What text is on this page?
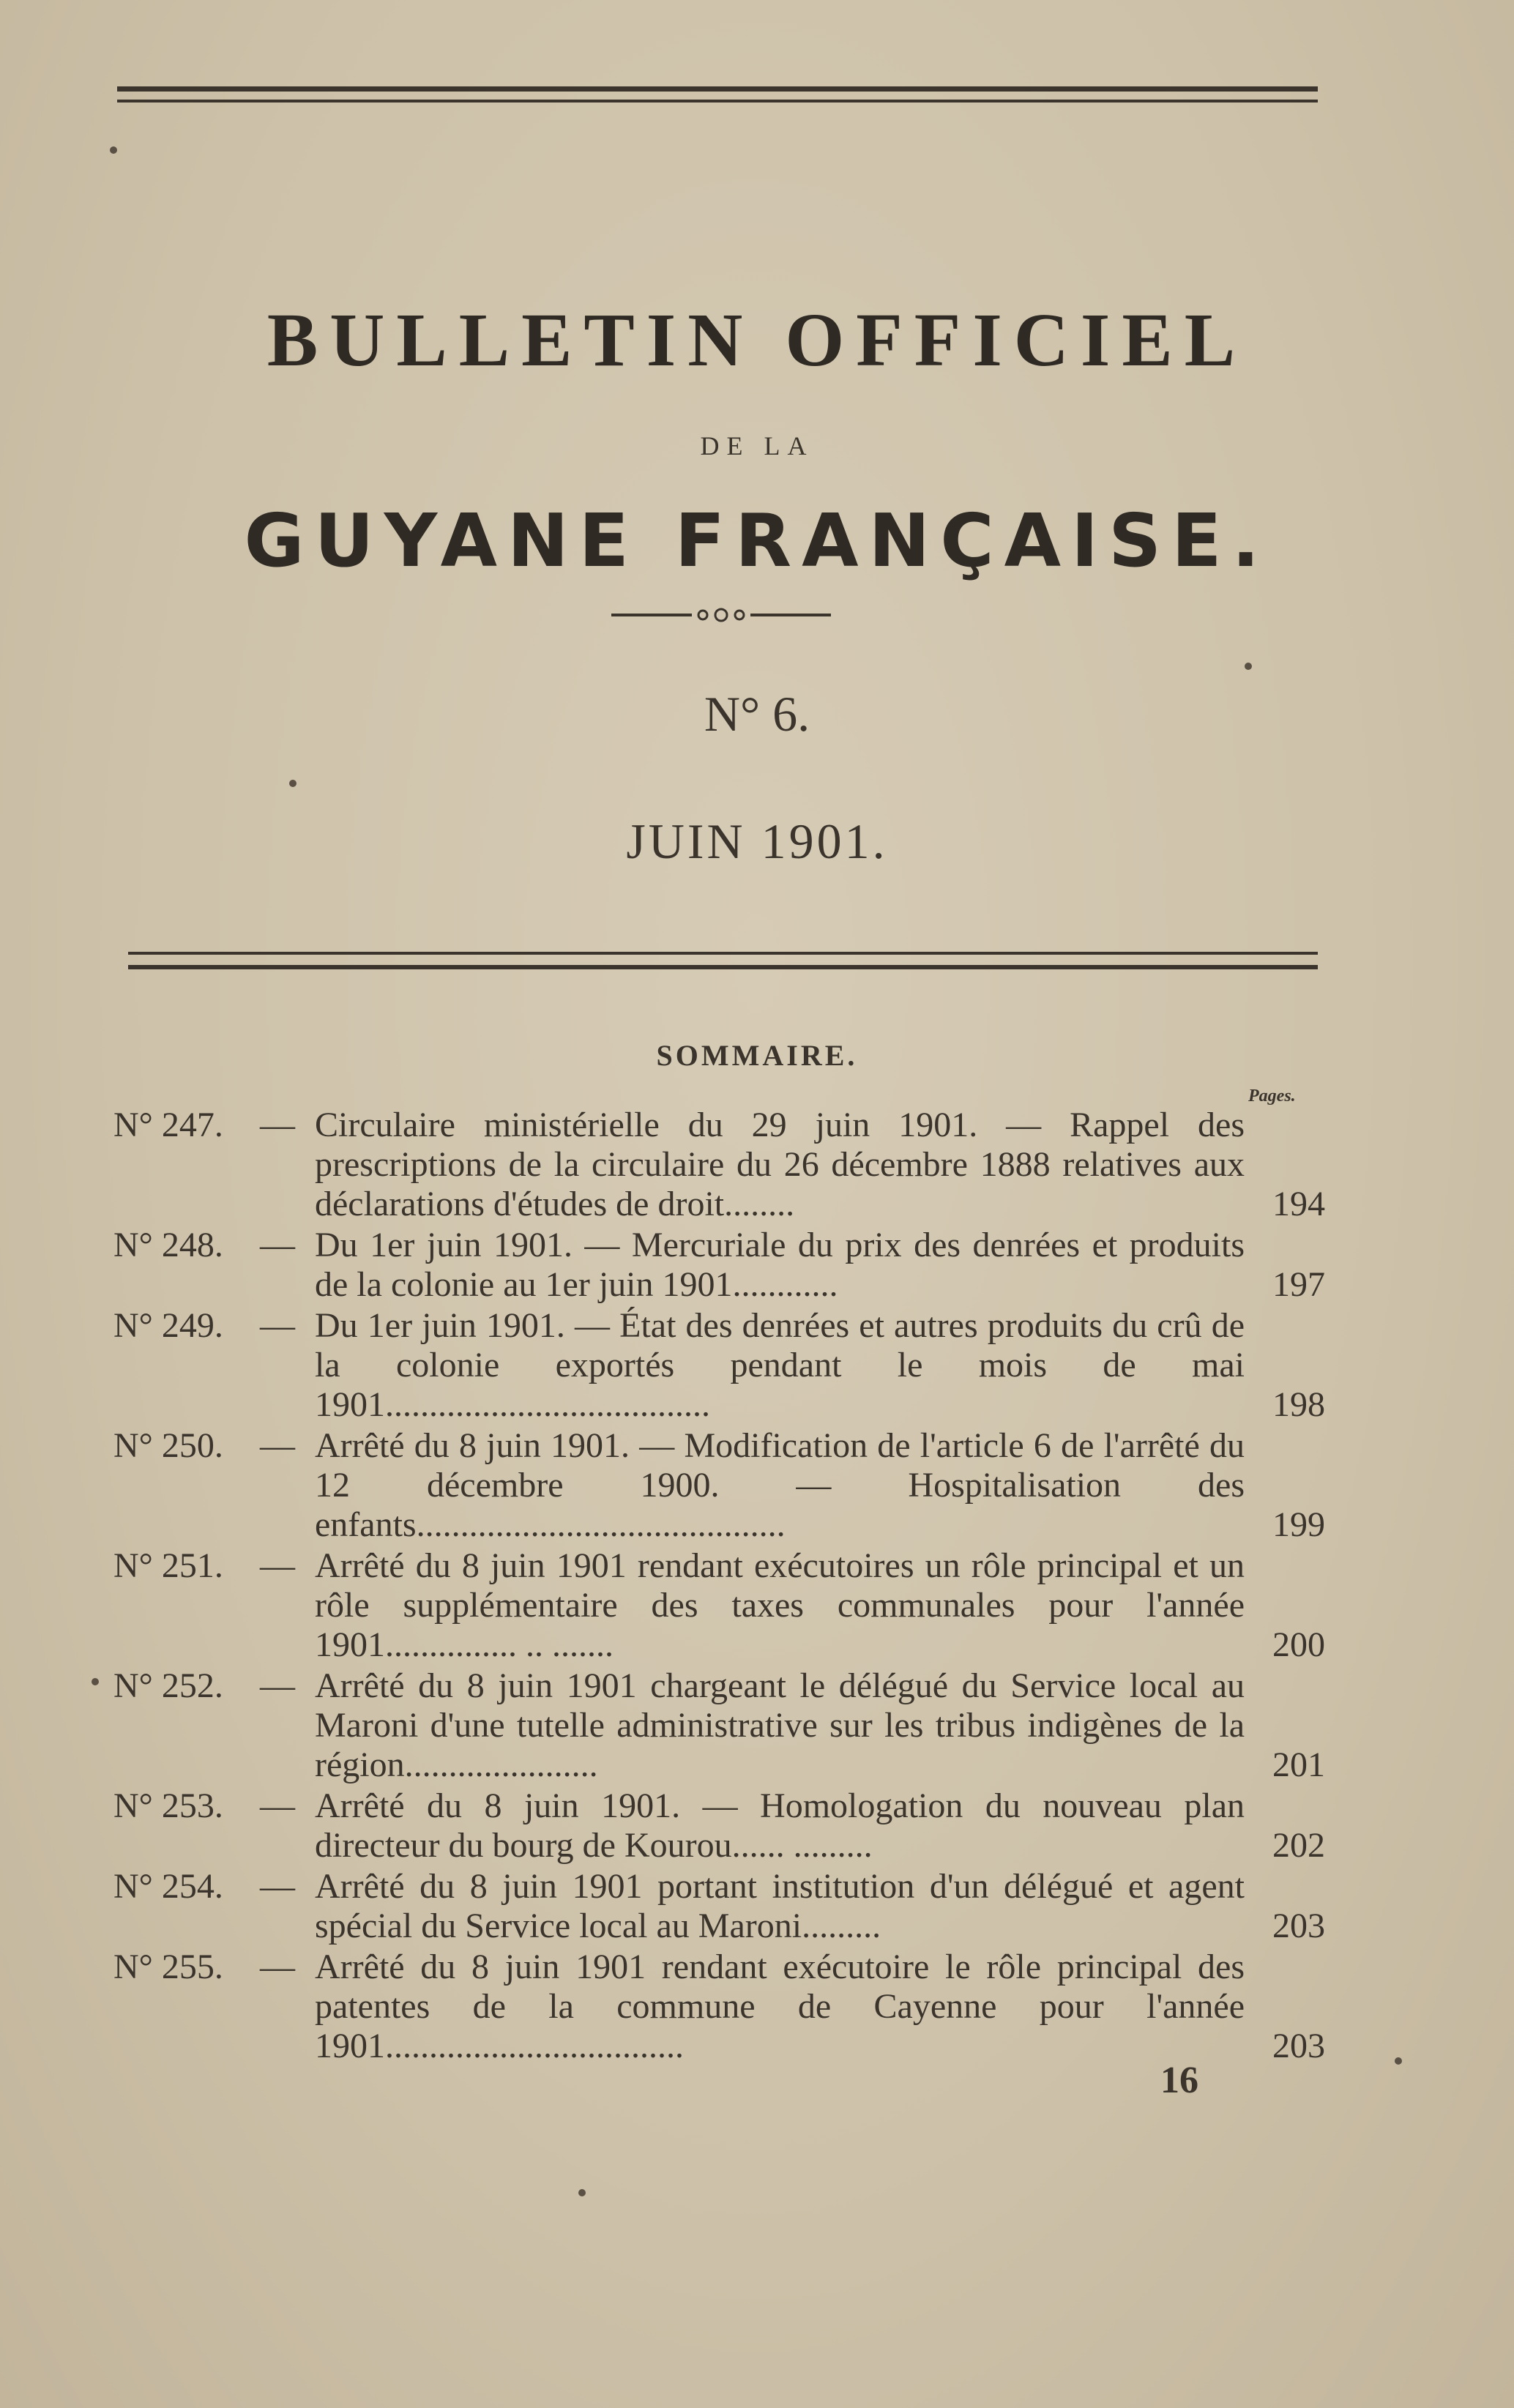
BULLETIN OFFICIEL
DE LA
GUYANE FRANÇAISE.
N° 6.
JUIN 1901.
SOMMAIRE.
Pages.
N° 247. — Circulaire ministérielle du 29 juin 1901. — Rappel des prescriptions de la circulaire du 26 décembre 1888 relatives aux déclarations d'études de droit........	194
N° 248. — Du 1er juin 1901. — Mercuriale du prix des denrées et produits de la colonie au 1er juin 1901............	197
N° 249. — Du 1er juin 1901. — État des denrées et autres produits du crû de la colonie exportés pendant le mois de mai 1901.....................................	198
N° 250. — Arrêté du 8 juin 1901. — Modification de l'article 6 de l'arrêté du 12 décembre 1900. — Hospitalisation des enfants..........................................	199
N° 251. — Arrêté du 8 juin 1901 rendant exécutoires un rôle principal et un rôle supplémentaire des taxes communales pour l'année 1901............... .. .......	200
N° 252. — Arrêté du 8 juin 1901 chargeant le délégué du Service local au Maroni d'une tutelle administrative sur les tribus indigènes de la région......................	201
N° 253. — Arrêté du 8 juin 1901. — Homologation du nouveau plan directeur du bourg de Kourou...... .........	202
N° 254. — Arrêté du 8 juin 1901 portant institution d'un délégué et agent spécial du Service local au Maroni.........	203
N° 255. — Arrêté du 8 juin 1901 rendant exécutoire le rôle principal des patentes de la commune de Cayenne pour l'année 1901..................................	203
16
